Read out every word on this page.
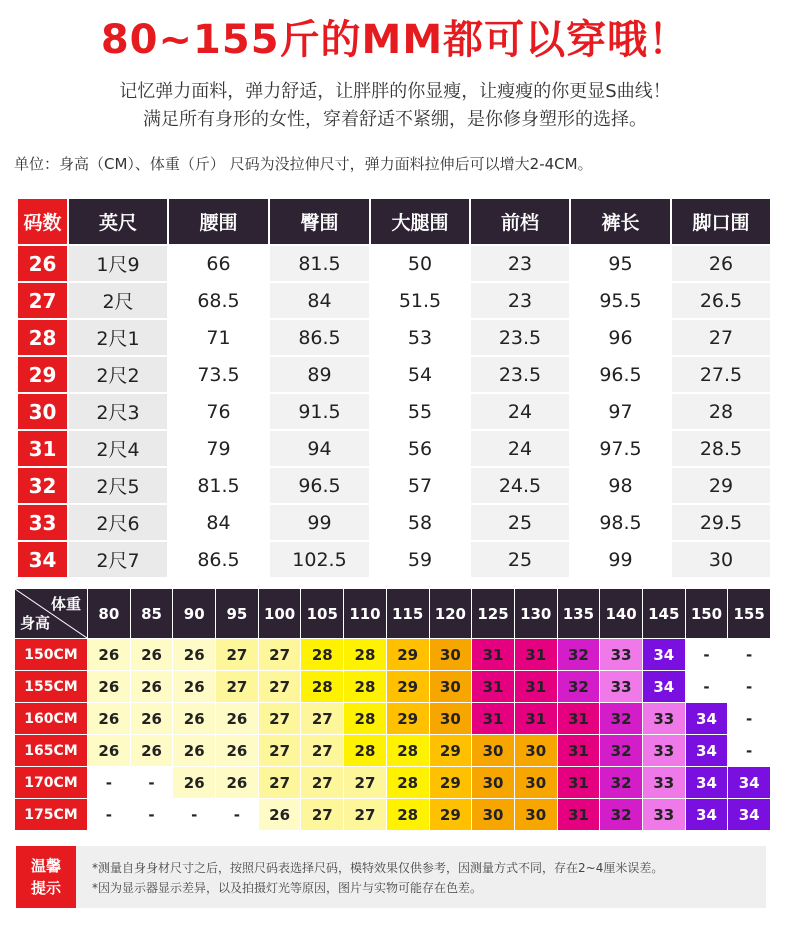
80~155斤的MM都可以穿哦！
记忆弹力面料，弹力舒适，让胖胖的你显瘦，让瘦瘦的你更显S曲线！
满足所有身形的女性，穿着舒适不紧绷，是你修身塑形的选择。
单位：身高（CM）、体重（斤） 尺码为没拉伸尺寸，弹力面料拉伸后可以增大2-4CM。
码数	英尺	腰围	臀围	大腿围	前档	裤长	脚口围
26	1尺9	66	81.5	50	23	95	26
27	2尺	68.5	84	51.5	23	95.5	26.5
28	2尺1	71	86.5	53	23.5	96	27
29	2尺2	73.5	89	54	23.5	96.5	27.5
30	2尺3	76	91.5	55	24	97	28
31	2尺4	79	94	56	24	97.5	28.5
32	2尺5	81.5	96.5	57	24.5	98	29
33	2尺6	84	99	58	25	98.5	29.5
34	2尺7	86.5	102.5	59	25	99	30
体重
身高	80	85	90	95	100	105	110	115	120	125	130	135	140	145	150	155
150CM	26	26	26	27	27	28	28	29	30	31	31	32	33	34	-	-
155CM	26	26	26	27	27	28	28	29	30	31	31	32	33	34	-	-
160CM	26	26	26	26	27	27	28	29	30	31	31	31	32	33	34	-
165CM	26	26	26	26	27	27	28	28	29	30	30	31	32	33	34	-
170CM	-	-	26	26	27	27	27	28	29	30	30	31	32	33	34	34
175CM	-	-	-	-	26	27	27	28	29	30	30	31	32	33	34	34
温馨
提示
*测量自身身材尺寸之后，按照尺码表选择尺码，模特效果仅供参考，因测量方式不同，存在2~4厘米误差。
*因为显示器显示差异，以及拍摄灯光等原因，图片与实物可能存在色差。
